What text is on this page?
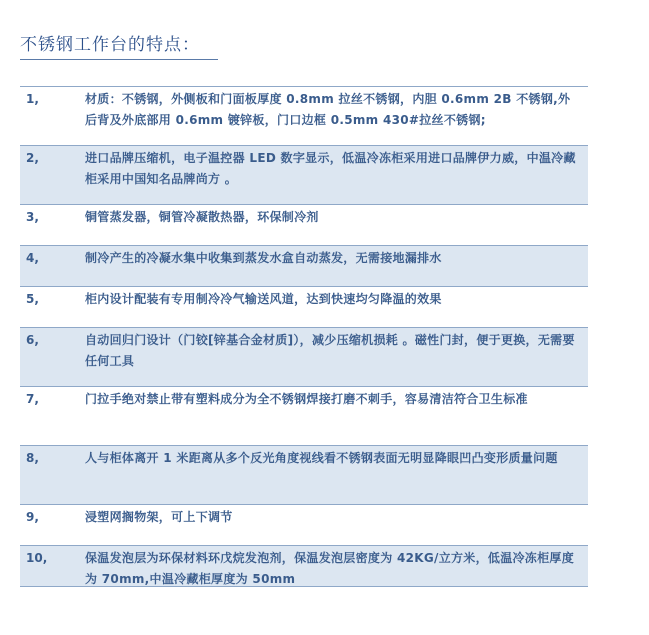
不锈钢工作台的特点：
1,	材质：不锈钢，外侧板和门面板厚度 0.8mm 拉丝不锈钢，内胆 0.6mm 2B 不锈钢,外后背及外底部用 0.6mm 镀锌板，门口边框 0.5mm 430#拉丝不锈钢;
2,	进口品牌压缩机，电子温控器 LED 数字显示，低温冷冻柜采用进口品牌伊力威，中温冷藏柜采用中国知名品牌尚方 。
3,	铜管蒸发器，铜管冷凝散热器，环保制冷剂
4,	制冷产生的冷凝水集中收集到蒸发水盒自动蒸发，无需接地漏排水
5,	柜内设计配装有专用制冷冷气输送风道，达到快速均匀降温的效果
6,	自动回归门设计（门铰[锌基合金材质]），减少压缩机损耗 。磁性门封，便于更换，无需要任何工具
7,	门拉手绝对禁止带有塑料成分为全不锈钢焊接打磨不刺手，容易清洁符合卫生标准
8,	人与柜体离开 1 米距离从多个反光角度视线看不锈钢表面无明显降眼凹凸变形质量问题
9,	浸塑网搁物架，可上下调节
10,	保温发泡层为环保材料环戊烷发泡剂，保温发泡层密度为 42KG/立方米，低温冷冻柜厚度为 70mm,中温冷藏柜厚度为 50mm
